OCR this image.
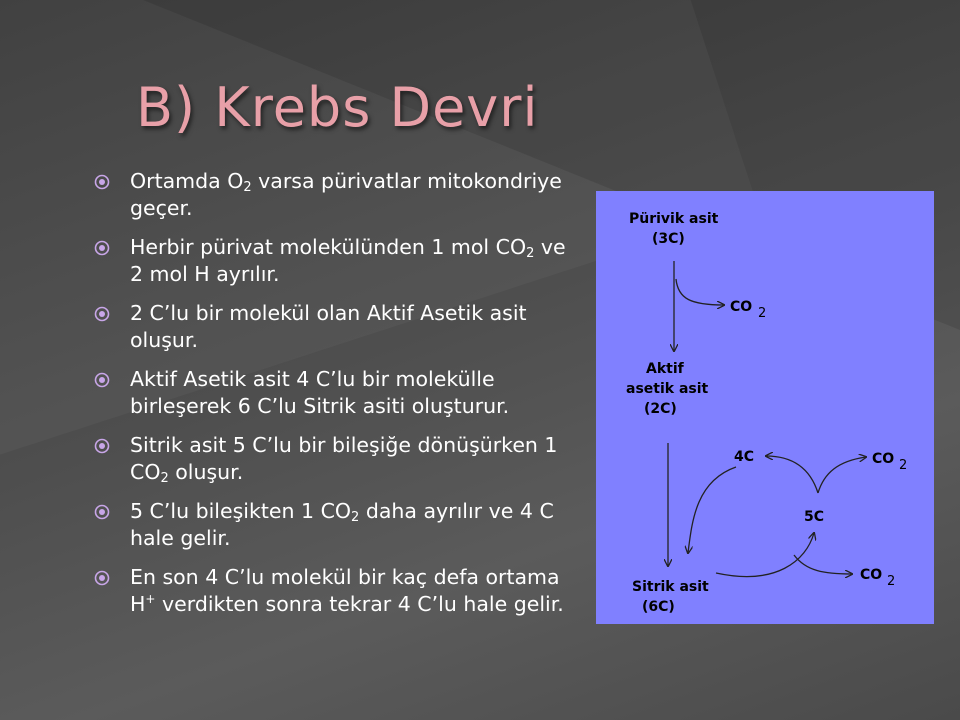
B) Krebs Devri
Ortamda $O_2$ varsa pürivatlar mitokondriye geçer.
Herbir pürivat molekülünden 1 mol $CO_2$ ve 2 mol H ayrılır.
2 C’lu bir molekül olan Aktif Asetik asit oluşur.
Aktif Asetik asit 4 C’lu bir molekülle birleşerek 6 C’lu Sitrik asiti oluşturur.
Sitrik asit 5 C’lu bir bileşiğe dönüşürken 1 $CO_2$ oluşur.
5 C’lu bileşikten 1 $CO_2$ daha ayrılır ve 4 C hale gelir.
En son 4 C’lu molekül bir kaç defa ortama H+ verdikten sonra tekrar 4 C’lu hale gelir.
Pürivik asit
(3C)
CO 2
Aktif
asetik asit
(2C)
4C	CO 2
5C
CO 2
Sitrik asit
(6C)
